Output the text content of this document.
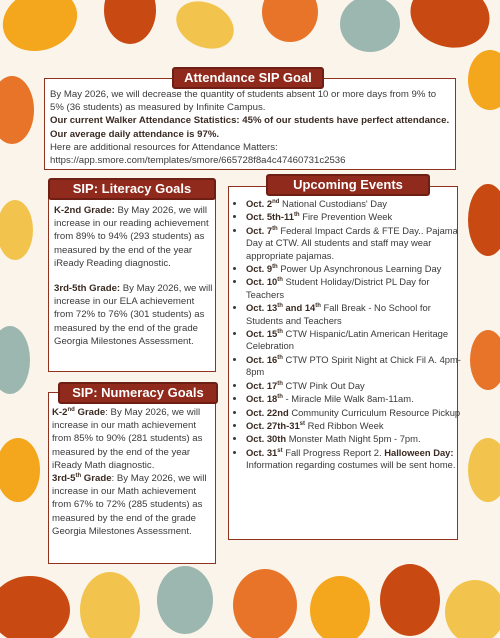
Attendance SIP Goal

By May 2026, we will decrease the quantity of students absent 10 or more days from 9% to 5% (36 students) as measured by Infinite Campus.

Our current Walker Attendance Statistics: 45% of our students have perfect attendance. Our average daily attendance is 97%.

Here are additional resources for Attendance Matters:

https://app.smore.com/templates/smore/665728f8a4c47460731c2536

SIP: Literacy Goals

K-2nd Grade: By May 2026, we will increase in our reading achievement from 89% to 94% (293 students) as measured by the end of the year iReady Reading diagnostic.

3rd-5th Grade: By May 2026, we will increase in our ELA achievement from 72% to 76% (301 students) as measured by the end of the grade Georgia Milestones Assessment.

SIP: Numeracy Goals

K-2nd Grade: By May 2026, we will increase in our math achievement from 85% to 90% (281 students) as measured by the end of the year iReady Math diagnostic.

3rd-5th Grade: By May 2026, we will increase in our Math achievement from 67% to 72% (285 students) as measured by the end of the grade Georgia Milestones Assessment.

Upcoming Events
• Oct. 2nd National Custodians' Day
• Oct. 5th-11th Fire Prevention Week
• Oct. 7th Federal Impact Cards & FTE Day.. Pajama Day at CTW. All students and staff may wear appropriate pajamas.
• Oct. 9th Power Up Asynchronous Learning Day
• Oct. 10th Student Holiday/District PL Day for Teachers
• Oct. 13th and 14th Fall Break - No School for Students and Teachers
• Oct. 15th CTW Hispanic/Latin American Heritage Celebration
• Oct. 16th CTW PTO Spirit Night at Chick Fil A. 4pm-8pm
• Oct. 17th CTW Pink Out Day
• Oct. 18th - Miracle Mile Walk 8am-11am.
• Oct. 22nd Community Curriculum Resource Pickup
• Oct. 27th-31st Red Ribbon Week
• Oct. 30th Monster Math Night 5pm - 7pm.
• Oct. 31st Fall Progress Report 2. Halloween Day: Information regarding costumes will be sent home.
